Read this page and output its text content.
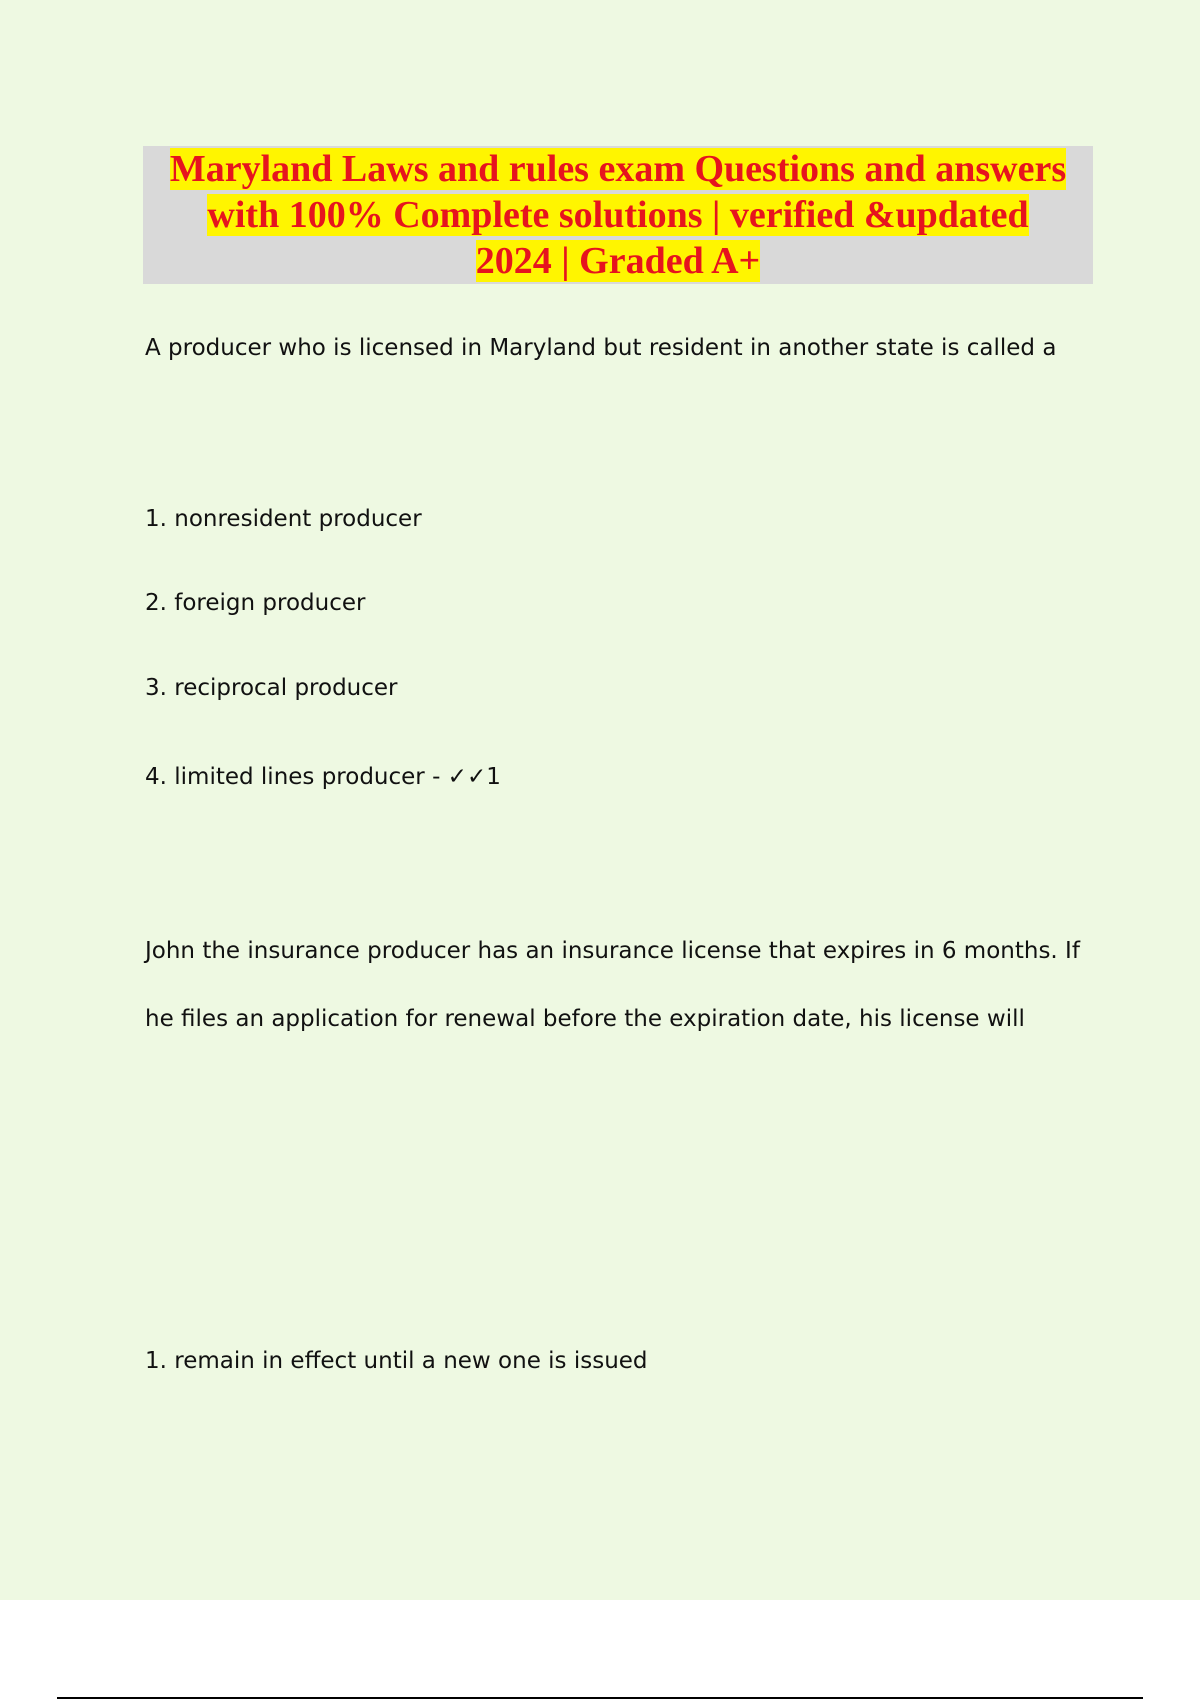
Maryland Laws and rules exam Questions and answers with 100% Complete solutions | verified &updated 2024 | Graded A+
A producer who is licensed in Maryland but resident in another state is called a
1. nonresident producer
2. foreign producer
3. reciprocal producer
4. limited lines producer - ✓✓1
John the insurance producer has an insurance license that expires in 6 months. If
he files an application for renewal before the expiration date, his license will
1. remain in effect until a new one is issued
